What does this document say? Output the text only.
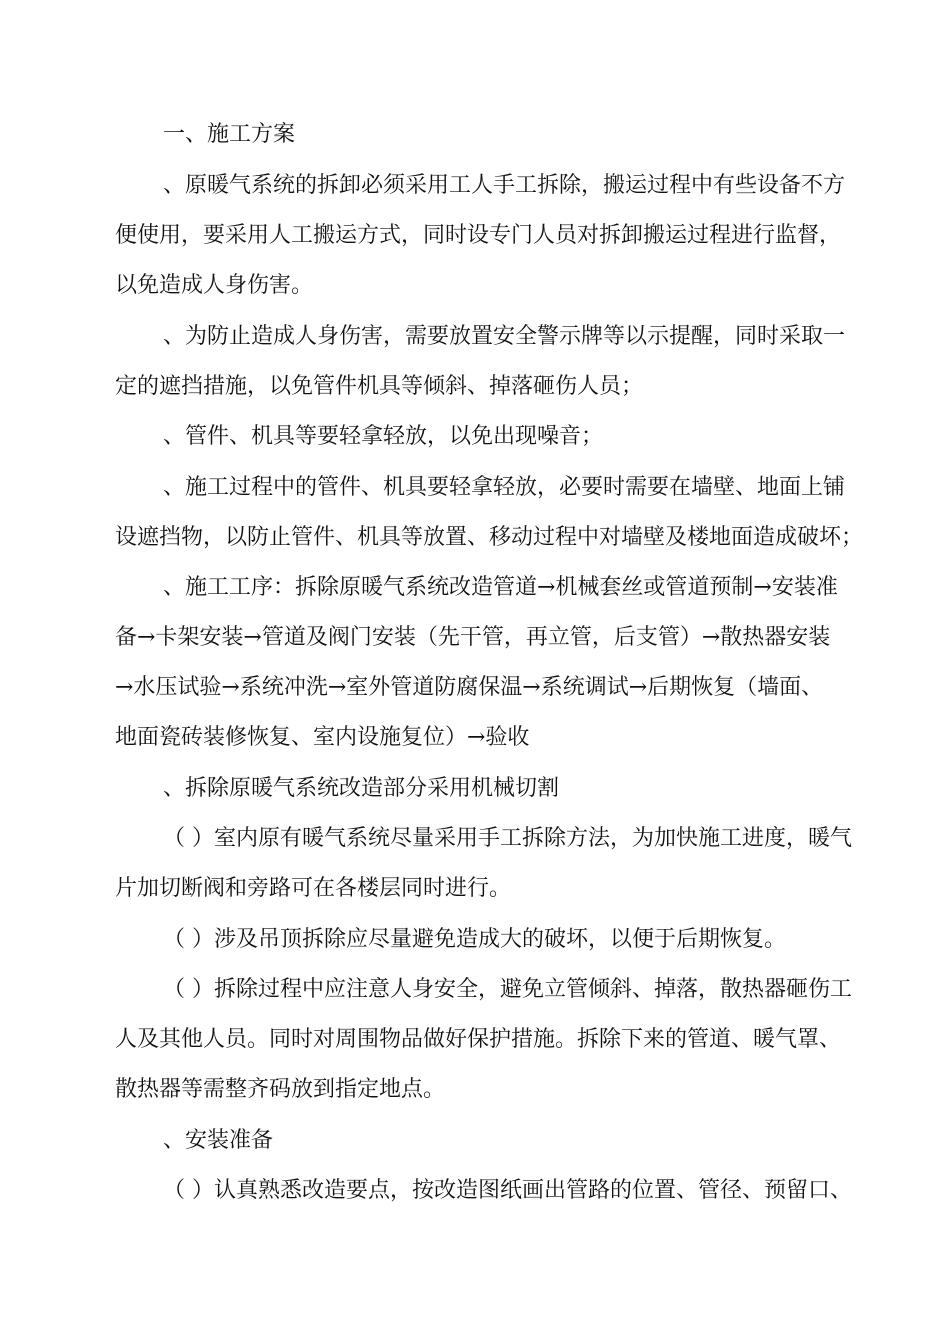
一、施工方案
、原暖气系统的拆卸必须采用工人手工拆除，搬运过程中有些设备不方
便使用，要采用人工搬运方式，同时设专门人员对拆卸搬运过程进行监督，
以免造成人身伤害。
、为防止造成人身伤害，需要放置安全警示牌等以示提醒，同时采取一
定的遮挡措施，以免管件机具等倾斜、掉落砸伤人员；
、管件、机具等要轻拿轻放，以免出现噪音；
、施工过程中的管件、机具要轻拿轻放，必要时需要在墙壁、地面上铺
设遮挡物，以防止管件、机具等放置、移动过程中对墙壁及楼地面造成破坏；
、施工工序：拆除原暖气系统改造管道→机械套丝或管道预制→安装准
备→卡架安装→管道及阀门安装（先干管，再立管，后支管）→散热器安装
→水压试验→系统冲洗→室外管道防腐保温→系统调试→后期恢复（墙面、
地面瓷砖装修恢复、室内设施复位）→验收
、拆除原暖气系统改造部分采用机械切割
（ ）室内原有暖气系统尽量采用手工拆除方法，为加快施工进度，暖气
片加切断阀和旁路可在各楼层同时进行。
（ ）涉及吊顶拆除应尽量避免造成大的破坏，以便于后期恢复。
（ ）拆除过程中应注意人身安全，避免立管倾斜、掉落，散热器砸伤工
人及其他人员。同时对周围物品做好保护措施。拆除下来的管道、暖气罩、
散热器等需整齐码放到指定地点。
、安装准备
（ ）认真熟悉改造要点，按改造图纸画出管路的位置、管径、预留口、
